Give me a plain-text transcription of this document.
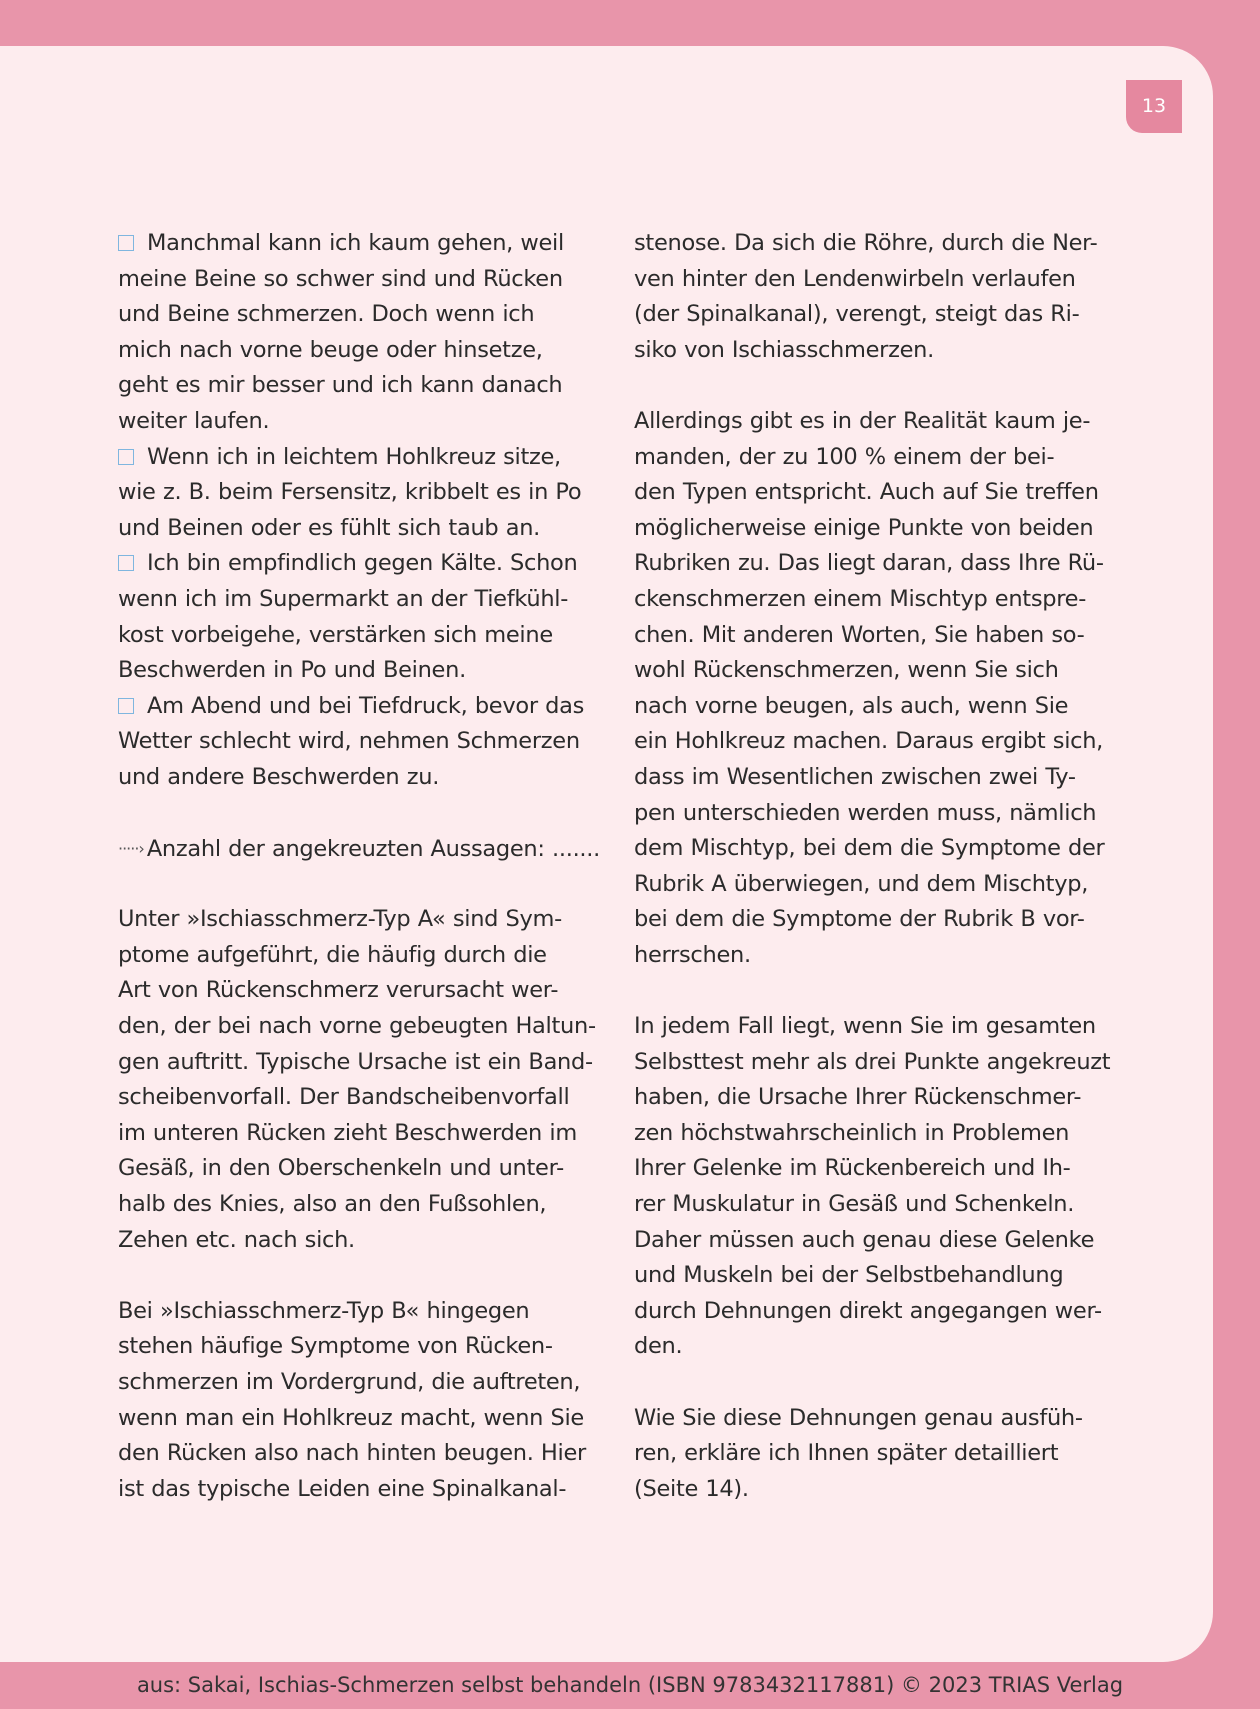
13
Manchmal kann ich kaum gehen, weil
meine Beine so schwer sind und Rücken
und Beine schmerzen. Doch wenn ich
mich nach vorne beuge oder hinsetze,
geht es mir besser und ich kann danach
weiter laufen.
Wenn ich in leichtem Hohlkreuz sitze,
wie z. B. beim Fersensitz, kribbelt es in Po
und Beinen oder es fühlt sich taub an.
Ich bin empfindlich gegen Kälte. Schon
wenn ich im Supermarkt an der Tiefkühl-
kost vorbeigehe, verstärken sich meine
Beschwerden in Po und Beinen.
Am Abend und bei Tiefdruck, bevor das
Wetter schlecht wird, nehmen Schmerzen
und andere Beschwerden zu.
·····› Anzahl der angekreuzten Aussagen: .......
Unter »Ischiasschmerz-Typ A« sind Sym-
ptome aufgeführt, die häufig durch die
Art von Rückenschmerz verursacht wer-
den, der bei nach vorne gebeugten Haltun-
gen auftritt. Typische Ursache ist ein Band-
scheibenvorfall. Der Bandscheibenvorfall
im unteren Rücken zieht Beschwerden im
Gesäß, in den Oberschenkeln und unter-
halb des Knies, also an den Fußsohlen,
Zehen etc. nach sich.
Bei »Ischiasschmerz-Typ B« hingegen
stehen häufige Symptome von Rücken-
schmerzen im Vordergrund, die auftreten,
wenn man ein Hohlkreuz macht, wenn Sie
den Rücken also nach hinten beugen. Hier
ist das typische Leiden eine Spinalkanal-
stenose. Da sich die Röhre, durch die Ner-
ven hinter den Lendenwirbeln verlaufen
(der Spinalkanal), verengt, steigt das Ri-
siko von Ischiasschmerzen.
Allerdings gibt es in der Realität kaum je-
manden, der zu 100 % einem der bei-
den Typen entspricht. Auch auf Sie treffen
möglicherweise einige Punkte von beiden
Rubriken zu. Das liegt daran, dass Ihre Rü-
ckenschmerzen einem Mischtyp entspre-
chen. Mit anderen Worten, Sie haben so-
wohl Rückenschmerzen, wenn Sie sich
nach vorne beugen, als auch, wenn Sie
ein Hohlkreuz machen. Daraus ergibt sich,
dass im Wesentlichen zwischen zwei Ty-
pen unterschieden werden muss, nämlich
dem Mischtyp, bei dem die Symptome der
Rubrik A überwiegen, und dem Mischtyp,
bei dem die Symptome der Rubrik B vor-
herrschen.
In jedem Fall liegt, wenn Sie im gesamten
Selbsttest mehr als drei Punkte angekreuzt
haben, die Ursache Ihrer Rückenschmer-
zen höchstwahrscheinlich in Problemen
Ihrer Gelenke im Rückenbereich und Ih-
rer Muskulatur in Gesäß und Schenkeln.
Daher müssen auch genau diese Gelenke
und Muskeln bei der Selbstbehandlung
durch Dehnungen direkt angegangen wer-
den.
Wie Sie diese Dehnungen genau ausfüh-
ren, erkläre ich Ihnen später detailliert
(Seite 14).
aus: Sakai, Ischias-Schmerzen selbst behandeln (ISBN 9783432117881) © 2023 TRIAS Verlag
